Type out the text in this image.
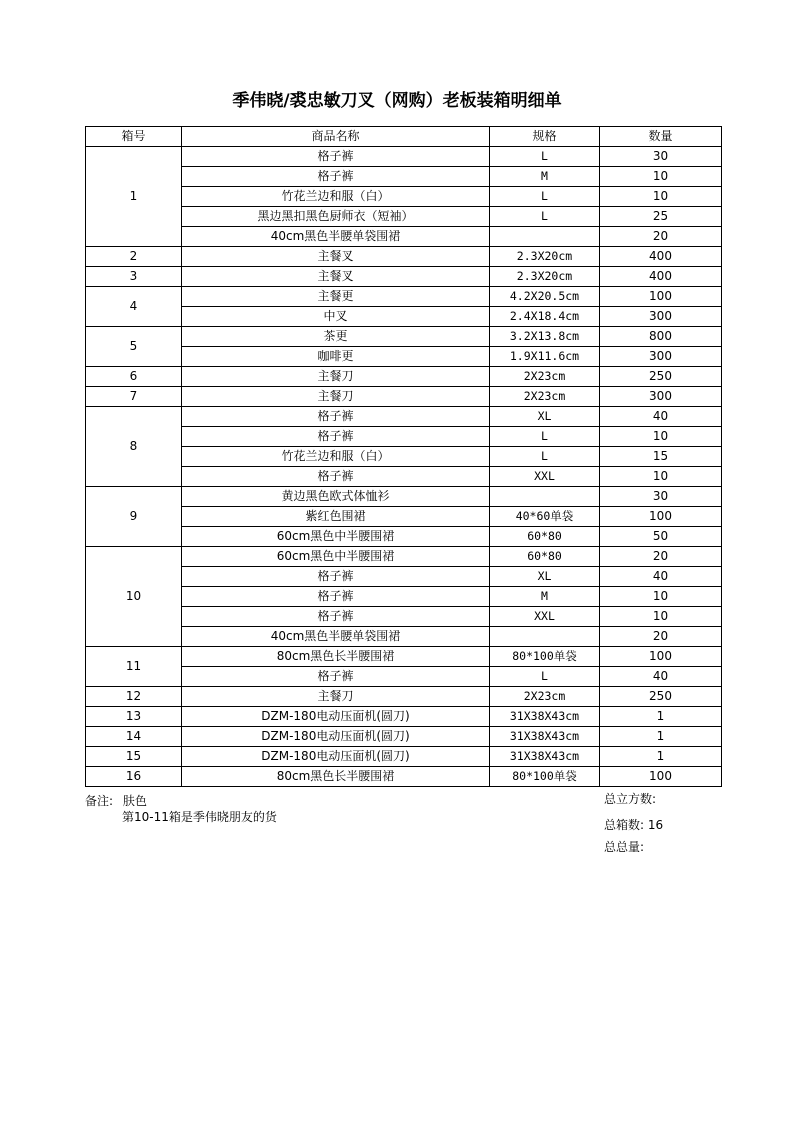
季伟晓/裘忠敏刀叉（网购）老板装箱明细单
箱号	商品名称	规格	数量
1	格子裤	L	30
	格子裤	M	10
	竹花兰边和服（白）	L	10
	黑边黑扣黑色厨师衣（短袖）	L	25
	40cm黑色半腰单袋围裙		20
2	主餐叉	2.3X20cm	400
3	主餐叉	2.3X20cm	400
4	主餐更	4.2X20.5cm	100
	中叉	2.4X18.4cm	300
5	茶更	3.2X13.8cm	800
	咖啡更	1.9X11.6cm	300
6	主餐刀	2X23cm	250
7	主餐刀	2X23cm	300
8	格子裤	XL	40
	格子裤	L	10
	竹花兰边和服（白）	L	15
	格子裤	XXL	10
9	黄边黑色欧式体恤衫		30
	紫红色围裙	40*60单袋	100
	60cm黑色中半腰围裙	60*80	50
10	60cm黑色中半腰围裙	60*80	20
	格子裤	XL	40
	格子裤	M	10
	格子裤	XXL	10
	40cm黑色半腰单袋围裙		20
11	80cm黑色长半腰围裙	80*100单袋	100
	格子裤	L	40
12	主餐刀	2X23cm	250
13	DZM-180电动压面机(圆刀)	31X38X43cm	1
14	DZM-180电动压面机(圆刀)	31X38X43cm	1
15	DZM-180电动压面机(圆刀)	31X38X43cm	1
16	80cm黑色长半腰围裙	80*100单袋	100
备注: 肤色
第10-11箱是季伟晓朋友的货
总立方数:
总箱数: 16
总总量:
